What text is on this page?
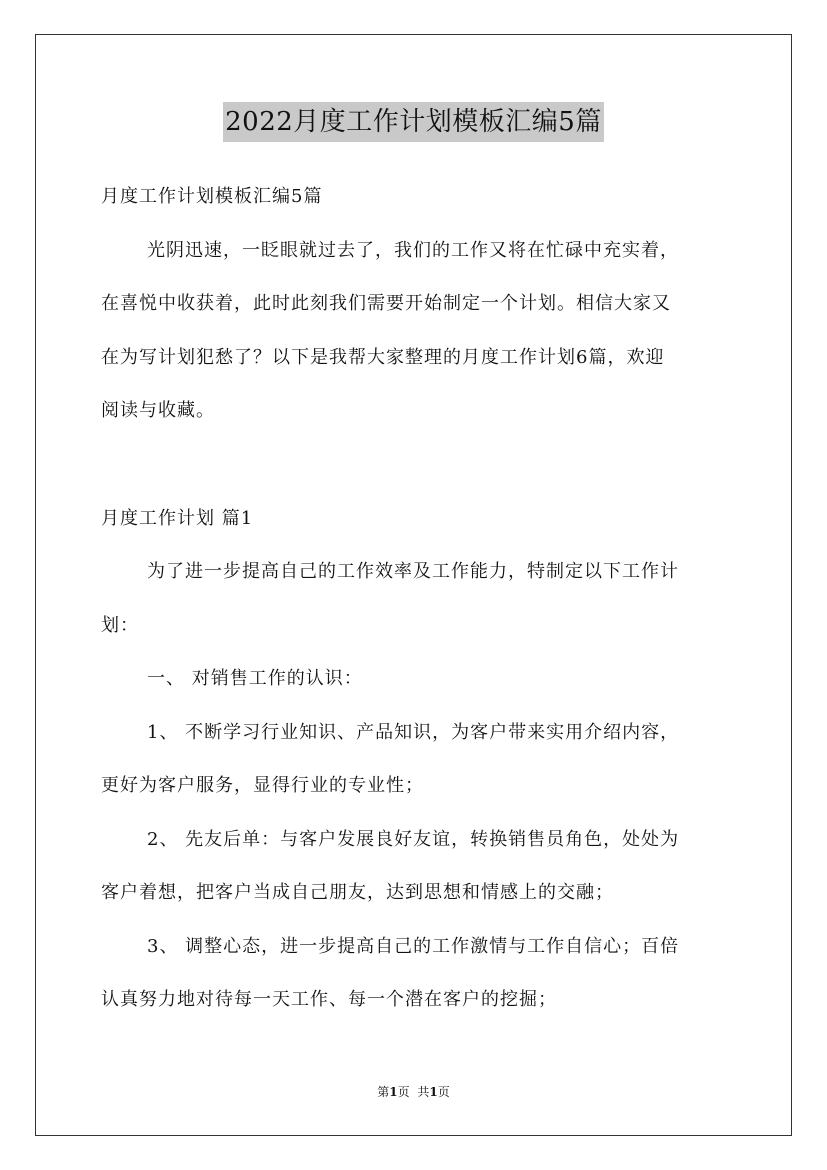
2022月度工作计划模板汇编5篇
月度工作计划模板汇编5篇
光阴迅速，一眨眼就过去了，我们的工作又将在忙碌中充实着，
在喜悦中收获着，此时此刻我们需要开始制定一个计划。相信大家又
在为写计划犯愁了？以下是我帮大家整理的月度工作计划6篇，欢迎
阅读与收藏。
月度工作计划 篇1
为了进一步提高自己的工作效率及工作能力，特制定以下工作计
划：
一、 对销售工作的认识：
1、 不断学习行业知识、产品知识，为客户带来实用介绍内容，
更好为客户服务，显得行业的专业性；
2、 先友后单：与客户发展良好友谊，转换销售员角色，处处为
客户着想，把客户当成自己朋友，达到思想和情感上的交融；
3、 调整心态，进一步提高自己的工作激情与工作自信心；百倍
认真努力地对待每一天工作、每一个潜在客户的挖掘；
第1页 共1页
